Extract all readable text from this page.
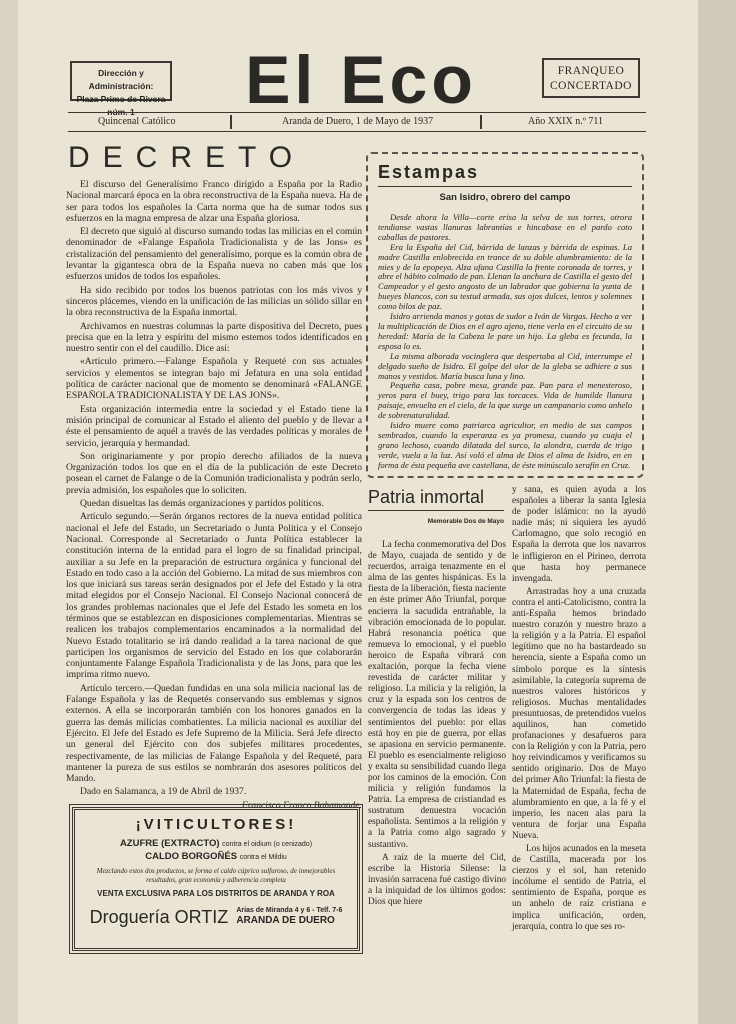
Dirección y Administración:
Plaza Primo de Rivera núm. 1	El Eco	FRANQUEO
CONCERTADO
Quincenal Católico	Aranda de Duero, 1 de Mayo de 1937	Año XXIX n.º 711
DECRETO

El discurso del Generalísimo Franco dirigido a España por la Radio Nacional marcará época en la obra reconstructiva de la España nueva. Ha de ser para todos los españoles la Carta norma que ha de sumar todos sus esfuerzos en la magna empresa de alzar una España gloriosa.

El decreto que siguió al discurso sumando todas las milicias en el común denominador de «Falange Española Tradicionalista y de las Jons» es cristalización del pensamiento del generalísimo, porque es la común obra de levantar la gigantesca obra de la España nueva no caben más que los esfuerzos unidos de todos los españoles.

Ha sido recibido por todos los buenos patriotas con los más vivos y sinceros plácemes, viendo en la unificación de las milicias un sólido sillar en la obra reconstructiva de la España inmortal.

Archivamos en nuestras columnas la parte dispositiva del Decreto, pues precisa que en la letra y espíritu del mismo estemos todos identificados en nuestro sentir con el del caudillo. Dice así:

«Artículo primero.—Falange Española y Requeté con sus actuales servicios y elementos se integran bajo mi Jefatura en una sola entidad política de carácter nacional que de momento se denominará «FALANGE ESPAÑOLA TRADICIONALISTA Y DE LAS JONS».

Esta organización intermedia entre la sociedad y el Estado tiene la misión principal de comunicar al Estado el aliento del pueblo y de llevar a éste el pensamiento de aquél a través de las verdades políticas y morales de servicio, jerarquía y hermandad.

Son originariamente y por propio derecho afiliados de la nueva Organización todos los que en el día de la publicación de este Decreto posean el carnet de Falange o de la Comunión tradicionalista y podrán serlo, previa admisión, los españoles que lo soliciten.

Quedan disueltas las demás organizaciones y partidos políticos.

Artículo segundo.—Serán órganos rectores de la nueva entidad política nacional el Jefe del Estado, un Secretariado o Junta Política y el Consejo Nacional. Corresponde al Secretariado o Junta Política establecer la constitución interna de la entidad para el logro de su finalidad principal, auxiliar a su Jefe en la preparación de estructura orgánica y funcional del Estado en todo caso a la acción del Gobierno. La mitad de sus miembros con los que iniciará sus tareas serán designados por el Jefe del Estado y la otra mitad elegidos por el Consejo Nacional. El Consejo Nacional conocerá de los grandes problemas nacionales que el Jefe del Estado les someta en los términos que se establezcan en disposiciones complementarias. Mientras se realicen los trabajos complementarios encaminados a la normalidad del Nuevo Estado totalitario se irá dando realidad a la tarea nacional de que participen los organismos de servicio del Estado en los que colaborarán conjuntamente Falange Española Tradicionalista y de las Jons, para que les imprima ritmo nuevo.

Artículo tercero.—Quedan fundidas en una sola milicia nacional las de Falange Española y las de Requetés conservando sus emblemas y signos externos. A ella se incorporarán también con los honores ganados en la guerra las demás milicias combatientes. La milicia nacional es auxiliar del Ejército. El Jefe del Estado es Jefe Supremo de la Milicia. Será Jefe directo un general del Ejército con dos subjefes militares procedentes, respectivamente, de las milicias de Falange Española y del Requeté, para mantener la pureza de sus estilos se nombrarán dos asesores políticos del Mando.

Dado en Salamanca, a 19 de Abril de 1937.

Francisco Franco Bahamonde.
Estampas
San Isidro, obrero del campo

Desde ahora la Villa—corte erisa la selva de sus torres, otrora tendianse vastas llanuras labrantías e hincabase en el pardo coto caballas de pastores.

Era la España del Cid, bárrida de lanzas y bárrida de espinas. La madre Castilla enlobrecida en trance de su doble alumbramiento: de la mies y de la epopeya. Alza ufana Castilla la frente coronada de torres, y abre el hábito colmado de pan. Llenan la anchura de Castilla el gesto del Campeador y el gesto angosto de un labrador que gobierna la yunta de bueyes blancos, con su testud armada, sus ojos dulces, lentos y solemnes como bilos de paz.

Isidro arrienda manos y gotas de sudor a Iván de Vargas. Hecho a ver la multiplicación de Dios en el agro ajeno, tiene verla en el circuito de su heredad: María de la Cabeza le pare un hijo. La gleba es fecunda, la esposa lo es.

La misma alborada vocinglera que despertaba al Cid, interrumpe el delgado sueño de Isidro. El golpe del olor de la gleba se adhiere a sus manos y vestidos. María busca luna y lino.

Pequeña casa, pobre mesa, grande paz. Pan para el menesteroso, yeros para el buey, trigo para las torcaces. Vida de humilde llanura paisaje, envuelta en el cielo, de la que surge un campanario como anhelo de sobrenaturalidad.

Isidro muere como patriarca agricultor, en medio de sus campos sembrados, cuando la esperanza es ya promesa, cuando ya cuaja el grano lechoso, cuando dilatada del surco, la alondra, cuerda de trigo verde, vuela a la luz. Así voló el alma de Dios el alma de Isidro, en en forma de ésta pequeña ave castellana, de éste minúsculo serafín en Cruz.

Patria inmortal
Memorable Dos de Mayo

La fecha conmemorativa del Dos de Mayo, cuajada de sentido y de recuerdos, arraiga tenazmente en el alma de las gentes hispánicas. Es la fiesta de la liberación, fiesta naciente en éste primer Año Triunfal, porque encierra la sacudida entrañable, la vibración emocionada de lo popular. Habrá resonancia poética que remueva lo emocional, y el pueblo heroico de España vibrará con exaltación, porque la fecha viene revestida de carácter militar y religioso. La milicia y la religión, la cruz y la espada son los centros de convergencia de todas las ideas y sentimientos del pueblo: por ellas está hoy en pie de guerra, por ellas se apasiona en servicio permanente. El pueblo es esencialmente religioso y exalta su sensibilidad cuando llega por los caminos de la emoción. Con milicia y religión fundamos la Patria. La empresa de cristiandad es sustratum denuestra vocación españolista. Sentimos a la religión y a la Patria como algo sagrado y sustantivo.

A raíz de la muerte del Cid, escribe la Historia Silense: la invasión sarracena fué castigo divino a la iniquidad de los últimos godos: Dios que hiere

y sana, es quien ayuda a los españoles a liberar la santa Iglesia de poder islámico: no la ayudó nadie más; ni siquiera les ayudó Carlomagno, que solo recogió en España la derrota que los navarros le infligieron en el Pirineo, derrota que hasta hoy permanece invengada.

Arrastradas hoy a una cruzada contra el anti-Catolicismo, contra la anti-España hemos brindado nuestro corazón y nuestro brazo a la religión y a la Patria. El español legítimo que no ha bastardeado su herencia, siente a España como un símbolo porque es la síntesis asimilable, la categoría suprema de nuestros valores históricos y religiosos. Muchas mentalidades presuntuosas, de pretendidos vuelos aquilinos, han cometido profanaciones y desafueros para con la Religión y con la Patria, pero hoy reivindicamos y verificamos su sentido originario. Dos de Mayo del primer Año Triunfal: la fiesta de la Maternidad de España, fecha de alumbramiento en que, a la fé y el imperio, les nacen alas para la ventura de forjar una España Nueva.

Los hijos acunados en la meseta de Castilla, macerada por los cierzos y el sol, han retenido incólume el sentido de Patria, el sentimiento de España, porque es un anhelo de raíz cristiana e implica unificación, orden, jerarquía, contra lo que ses ro-

¡VITICULTORES!
AZUFRE (EXTRACTO) contra el oidium (o cenizado)
CALDO BORGOÑÉS contra el Mildiu
Mezclando estos dos productos, se forma el caldo cúprico sulfuroso, de inmejorables resultados, gran economía y adherencia completa
VENTA EXCLUSIVA PARA LOS DISTRITOS DE ARANDA Y ROA
Droguería ORTIZ Arias de Miranda 4 y 6 - Telf. 7-6
ARANDA DE DUERO
